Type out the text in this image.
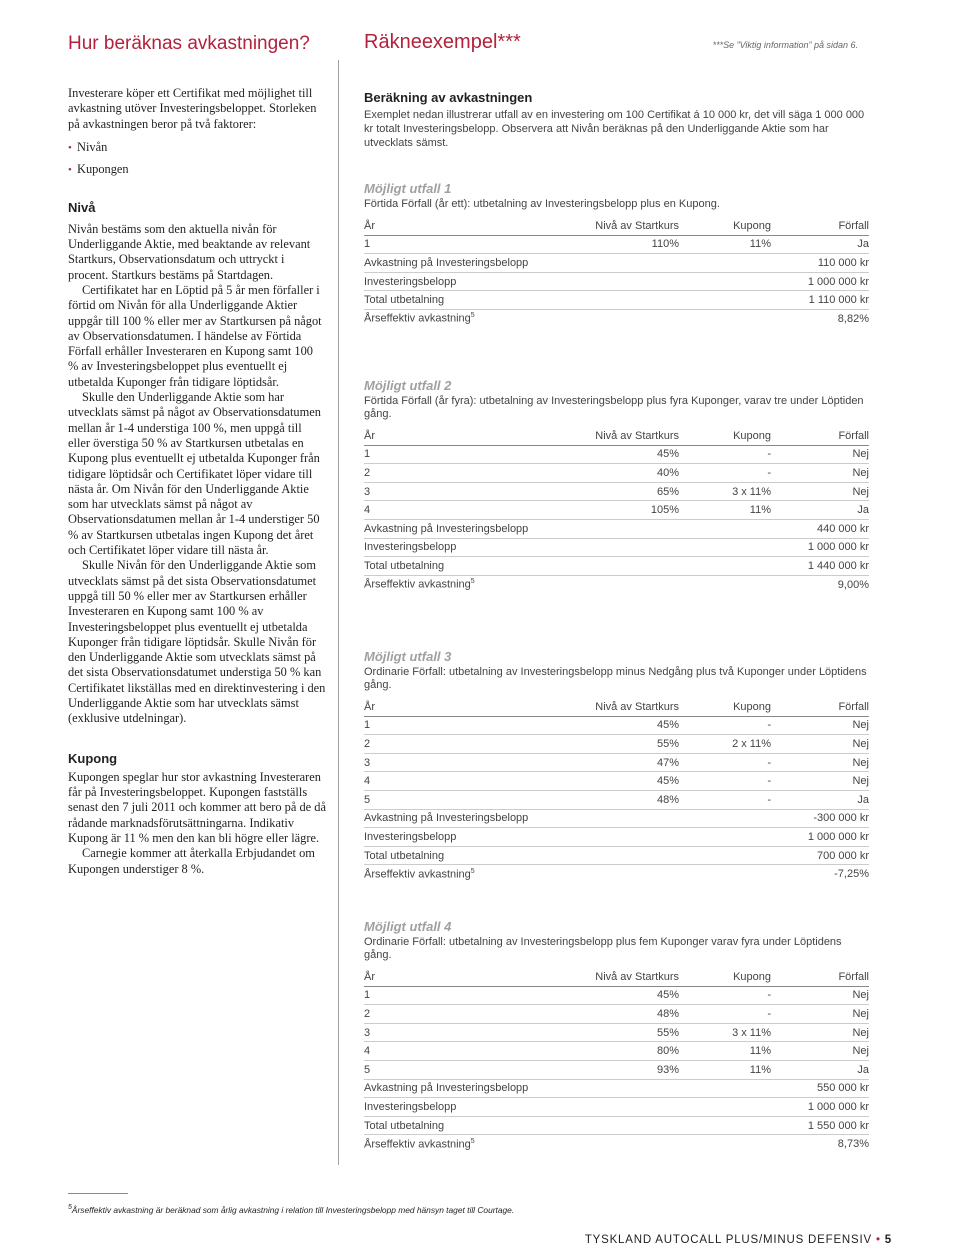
Hur beräknas avkastningen?	Räkneexempel***	***Se ”Viktig information” på sidan 6.

Investerare köper ett Certifikat med möjlighet till avkastning utöver Investeringsbeloppet. Storleken på avkastningen beror på två faktorer:

• Nivån

• Kupongen

Nivå

Nivån bestäms som den aktuella nivån för Underliggande Aktie, med beaktande av relevant Startkurs, Observationsdatum och uttryckt i procent. Startkurs bestäms på Startdagen.

Certifikatet har en Löptid på 5 år men förfaller i förtid om Nivån för alla Underliggande Aktier uppgår till 100 % eller mer av Startkursen på något av Observationsdatumen. I händelse av Förtida Förfall erhåller Investeraren en Kupong samt 100 % av Investeringsbeloppet plus eventuellt ej utbetalda Kuponger från tidigare löptidsår.

Skulle den Underliggande Aktie som har utvecklats sämst på något av Observationsdatumen mellan år 1-4 understiga 100 %, men uppgå till eller överstiga 50 % av Startkursen utbetalas en Kupong plus eventuellt ej utbetalda Kuponger från tidigare löptidsår och Certifikatet löper vidare till nästa år. Om Nivån för den Underliggande Aktie som har utvecklats sämst på något av Observationsdatumen mellan år 1-4 understiger 50 % av Startkursen utbetalas ingen Kupong det året och Certifikatet löper vidare till nästa år.

Skulle Nivån för den Underliggande Aktie som utvecklats sämst på det sista Observationsdatumet uppgå till 50 % eller mer av Startkursen erhåller Investeraren en Kupong samt 100 % av Investeringsbeloppet plus eventuellt ej utbetalda Kuponger från tidigare löptidsår. Skulle Nivån för den Underliggande Aktie som utvecklats sämst på det sista Observationsdatumet understiga 50 % kan Certifikatet likställas med en direktinvestering i den Underliggande Aktie som har utvecklats sämst (exklusive utdelningar).

Kupong

Kupongen speglar hur stor avkastning Investeraren får på Investeringsbeloppet. Kupongen fastställs senast den 7 juli 2011 och kommer att bero på de då rådande marknadsförutsättningarna. Indikativ Kupong är 11 % men den kan bli högre eller lägre.

Carnegie kommer att återkalla Erbjudandet om Kupongen understiger 8 %.

Beräkning av avkastningen
Exemplet nedan illustrerar utfall av en investering om 100 Certifikat á 10 000 kr, det vill säga 1 000 000 kr totalt Investeringsbelopp. Observera att Nivån beräknas på den Underliggande Aktie som har utvecklats sämst.

Möjligt utfall 1

Förtida Förfall (år ett): utbetalning av Investeringsbelopp plus en Kupong.

År	Nivå av Startkurs	Kupong	Förfall
1	110%	11%	Ja
Avkastning på Investeringsbelopp	110 000 kr
Investeringsbelopp	1 000 000 kr
Total utbetalning	1 110 000 kr
Årseffektiv avkastning$^5$	8,82%

Möjligt utfall 2

Förtida Förfall (år fyra): utbetalning av Investeringsbelopp plus fyra Kuponger, varav tre under Löptiden gång.

År	Nivå av Startkurs	Kupong	Förfall
1	45%	-	Nej
2	40%	-	Nej
3	65%	3 x 11%	Nej
4	105%	11%	Ja
Avkastning på Investeringsbelopp	440 000 kr
Investeringsbelopp	1 000 000 kr
Total utbetalning	1 440 000 kr
Årseffektiv avkastning$^5$	9,00%

Möjligt utfall 3

Ordinarie Förfall: utbetalning av Investeringsbelopp minus Nedgång plus två Kuponger under Löptidens gång.

År	Nivå av Startkurs	Kupong	Förfall
1	45%	-	Nej
2	55%	2 x 11%	Nej
3	47%	-	Nej
4	45%	-	Nej
5	48%	-	Ja
Avkastning på Investeringsbelopp	-300 000 kr
Investeringsbelopp	1 000 000 kr
Total utbetalning	700 000 kr
Årseffektiv avkastning$^5$	-7,25%

Möjligt utfall 4

Ordinarie Förfall: utbetalning av Investeringsbelopp plus fem Kuponger varav fyra under Löptidens gång.

År	Nivå av Startkurs	Kupong	Förfall
1	45%	-	Nej
2	48%	-	Nej
3	55%	3 x 11%	Nej
4	80%	11%	Nej
5	93%	11%	Ja
Avkastning på Investeringsbelopp	550 000 kr
Investeringsbelopp	1 000 000 kr
Total utbetalning	1 550 000 kr
Årseffektiv avkastning$^5$	8,73%
$^5$Årseffektiv avkastning är beräknad som årlig avkastning i relation till Investeringsbelopp med hänsyn taget till Courtage.
TYSKLAND AUTOCALL PLUS/MINUS DEFENSIV • 5
